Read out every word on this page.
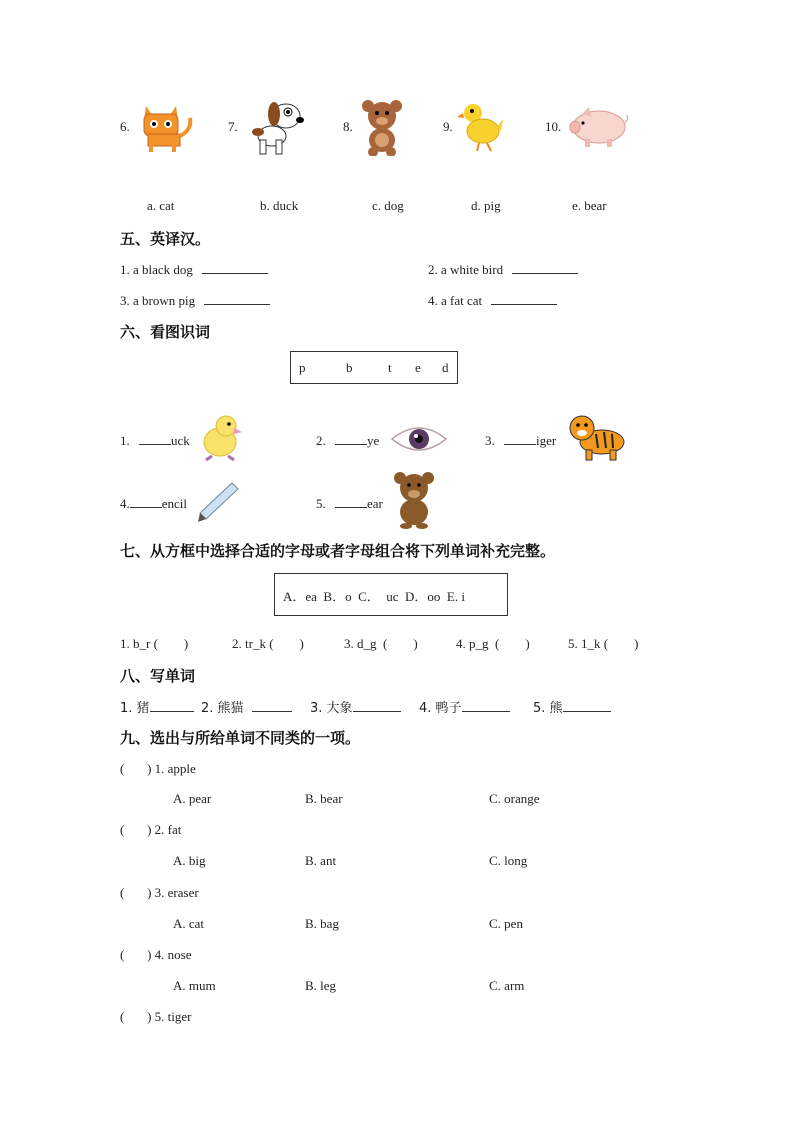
6.	7.	8.	9.	10.
a. cat	b. duck	c. dog	d. pig	e. bear
五、英译汉。
1. a black dog	2. a white bird
3. a brown pig	4. a fat cat
六、看图识词
p	b	t e d
1.	uck	2.	ye	3.	iger
4. encil	5.	ear
七、从方框中选择合适的字母或者字母组合将下列单词补充完整。
A．ea  B．o  C．  uc  D．oo  E. i
1. b_r (        )	2. tr_k (        )	3. d_g  (        )	4. p_g  (        )	5. 1_k (        )
八、写单词
1. 猪	2. 熊猫	3. 大象	4. 鸭子	5. 熊
九、选出与所给单词不同类的一项。
(       ) 1. apple
A. pear	B. bear	C. orange
(       ) 2. fat
A. big	B. ant	C. long
(       ) 3. eraser
A. cat	B. bag	C. pen
(       ) 4. nose
A. mum	B. leg	C. arm
(       ) 5. tiger
